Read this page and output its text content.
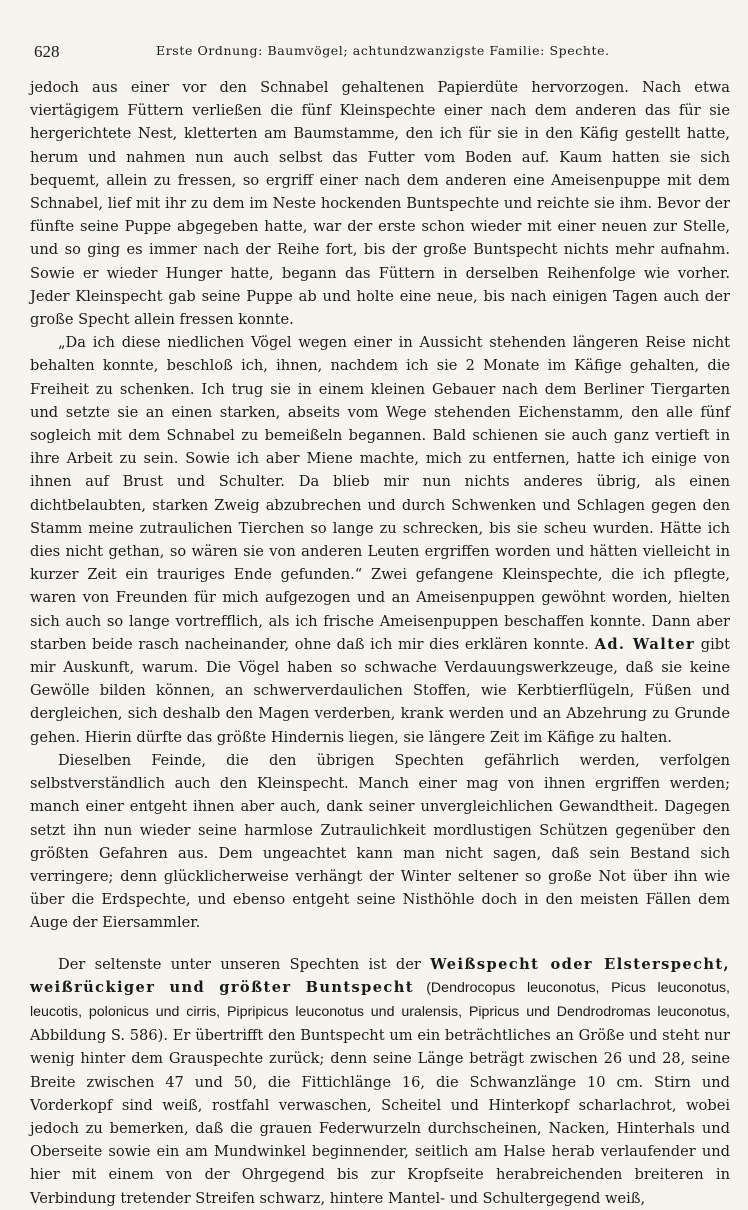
628	Erste Ordnung: Baumvögel; achtundzwanzigste Familie: Spechte.

jedoch aus einer vor den Schnabel gehaltenen Papierdüte hervorzogen. Nach etwa viertägigem Füttern verließen die fünf Kleinspechte einer nach dem anderen das für sie hergerichtete Nest, kletterten am Baumstamme, den ich für sie in den Käfig gestellt hatte, herum und nahmen nun auch selbst das Futter vom Boden auf. Kaum hatten sie sich bequemt, allein zu fressen, so ergriff einer nach dem anderen eine Ameisenpuppe mit dem Schnabel, lief mit ihr zu dem im Neste hockenden Buntspechte und reichte sie ihm. Bevor der fünfte seine Puppe abgegeben hatte, war der erste schon wieder mit einer neuen zur Stelle, und so ging es immer nach der Reihe fort, bis der große Buntspecht nichts mehr aufnahm. Sowie er wieder Hunger hatte, begann das Füttern in derselben Reihenfolge wie vorher. Jeder Kleinspecht gab seine Puppe ab und holte eine neue, bis nach einigen Tagen auch der große Specht allein fressen konnte.

„Da ich diese niedlichen Vögel wegen einer in Aussicht stehenden längeren Reise nicht behalten konnte, beschloß ich, ihnen, nachdem ich sie 2 Monate im Käfige gehalten, die Freiheit zu schenken. Ich trug sie in einem kleinen Gebauer nach dem Berliner Tiergarten und setzte sie an einen starken, abseits vom Wege stehenden Eichenstamm, den alle fünf sogleich mit dem Schnabel zu bemeißeln begannen. Bald schienen sie auch ganz vertieft in ihre Arbeit zu sein. Sowie ich aber Miene machte, mich zu entfernen, hatte ich einige von ihnen auf Brust und Schulter. Da blieb mir nun nichts anderes übrig, als einen dichtbelaubten, starken Zweig abzubrechen und durch Schwenken und Schlagen gegen den Stamm meine zutraulichen Tierchen so lange zu schrecken, bis sie scheu wurden. Hätte ich dies nicht gethan, so wären sie von anderen Leuten ergriffen worden und hätten vielleicht in kurzer Zeit ein trauriges Ende gefunden.“ Zwei gefangene Kleinspechte, die ich pflegte, waren von Freunden für mich aufgezogen und an Ameisenpuppen gewöhnt worden, hielten sich auch so lange vortrefflich, als ich frische Ameisenpuppen beschaffen konnte. Dann aber starben beide rasch nacheinander, ohne daß ich mir dies erklären konnte. Ad. Walter gibt mir Auskunft, warum. Die Vögel haben so schwache Verdauungswerkzeuge, daß sie keine Gewölle bilden können, an schwerverdaulichen Stoffen, wie Kerbtierflügeln, Füßen und dergleichen, sich deshalb den Magen verderben, krank werden und an Abzehrung zu Grunde gehen. Hierin dürfte das größte Hindernis liegen, sie längere Zeit im Käfige zu halten.

Dieselben Feinde, die den übrigen Spechten gefährlich werden, verfolgen selbstverständlich auch den Kleinspecht. Manch einer mag von ihnen ergriffen werden; manch einer entgeht ihnen aber auch, dank seiner unvergleichlichen Gewandtheit. Dagegen setzt ihn nun wieder seine harmlose Zutraulichkeit mordlustigen Schützen gegenüber den größten Gefahren aus. Dem ungeachtet kann man nicht sagen, daß sein Bestand sich verringere; denn glücklicherweise verhängt der Winter seltener so große Not über ihn wie über die Erdspechte, und ebenso entgeht seine Nisthöhle doch in den meisten Fällen dem Auge der Eiersammler.

Der seltenste unter unseren Spechten ist der Weißspecht oder Elsterspecht, weißrückiger und größter Buntspecht (Dendrocopus leuconotus, Picus leuconotus, leucotis, polonicus und cirris, Pipripicus leuconotus und uralensis, Pipricus und Dendrodromas leuconotus, Abbildung S. 586). Er übertrifft den Buntspecht um ein beträchtliches an Größe und steht nur wenig hinter dem Grauspechte zurück; denn seine Länge beträgt zwischen 26 und 28, seine Breite zwischen 47 und 50, die Fittichlänge 16, die Schwanzlänge 10 cm. Stirn und Vorderkopf sind weiß, rostfahl verwaschen, Scheitel und Hinterkopf scharlachrot, wobei jedoch zu bemerken, daß die grauen Federwurzeln durchscheinen, Nacken, Hinterhals und Oberseite sowie ein am Mundwinkel beginnender, seitlich am Halse herab verlaufender und hier mit einem von der Ohrgegend bis zur Kropfseite herabreichenden breiteren in Verbindung tretender Streifen schwarz, hintere Mantel- und Schultergegend weiß,
